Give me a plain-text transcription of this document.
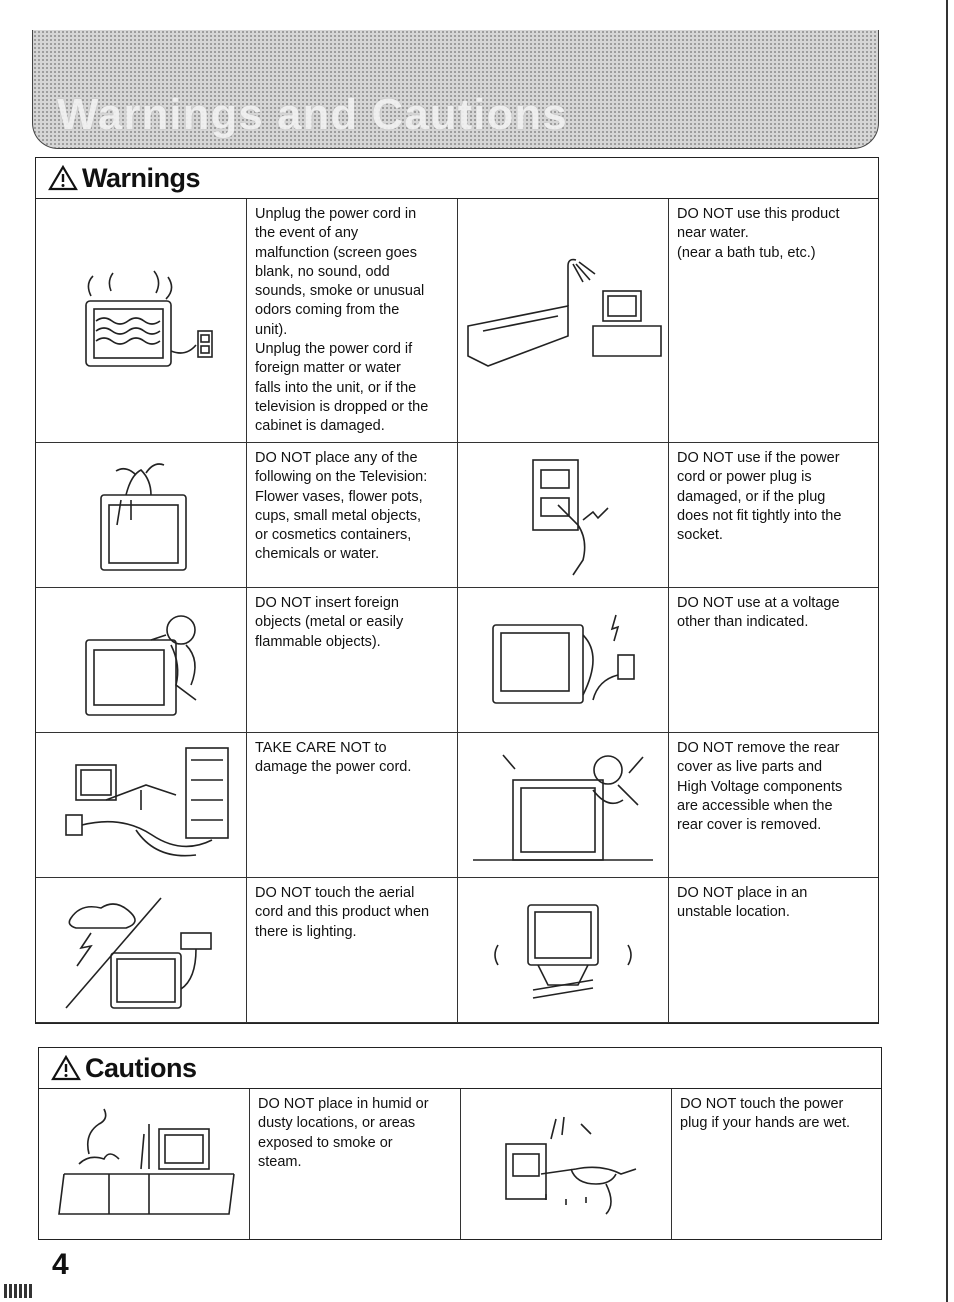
Warnings and Cautions
Warnings
Unplug the power cord in
the event of any
malfunction (screen goes
blank, no sound, odd
sounds, smoke or unusual
odors coming from the
unit).
Unplug the power cord if
foreign matter or water
falls into the unit, or if the
television is dropped or the
cabinet is damaged.
DO NOT use this product
near water.
(near a bath tub, etc.)
DO NOT place any of the
following on the Television:
Flower vases, flower pots,
cups, small metal objects,
or cosmetics containers,
chemicals or water.
DO NOT use if the power
cord or power plug is
damaged, or if the plug
does not fit tightly into the
socket.
DO NOT insert foreign
objects (metal or easily
flammable objects).
DO NOT use at a voltage
other than indicated.
TAKE CARE NOT to
damage the power cord.
DO NOT remove the rear
cover as live parts and
High Voltage components
are accessible when the
rear cover is removed.
DO NOT touch the aerial
cord and this product when
there is lighting.
DO NOT place in an
unstable location.
Cautions
DO NOT place in humid or
dusty locations, or areas
exposed to smoke or
steam.
DO NOT touch the power
plug if your hands are wet.
4
